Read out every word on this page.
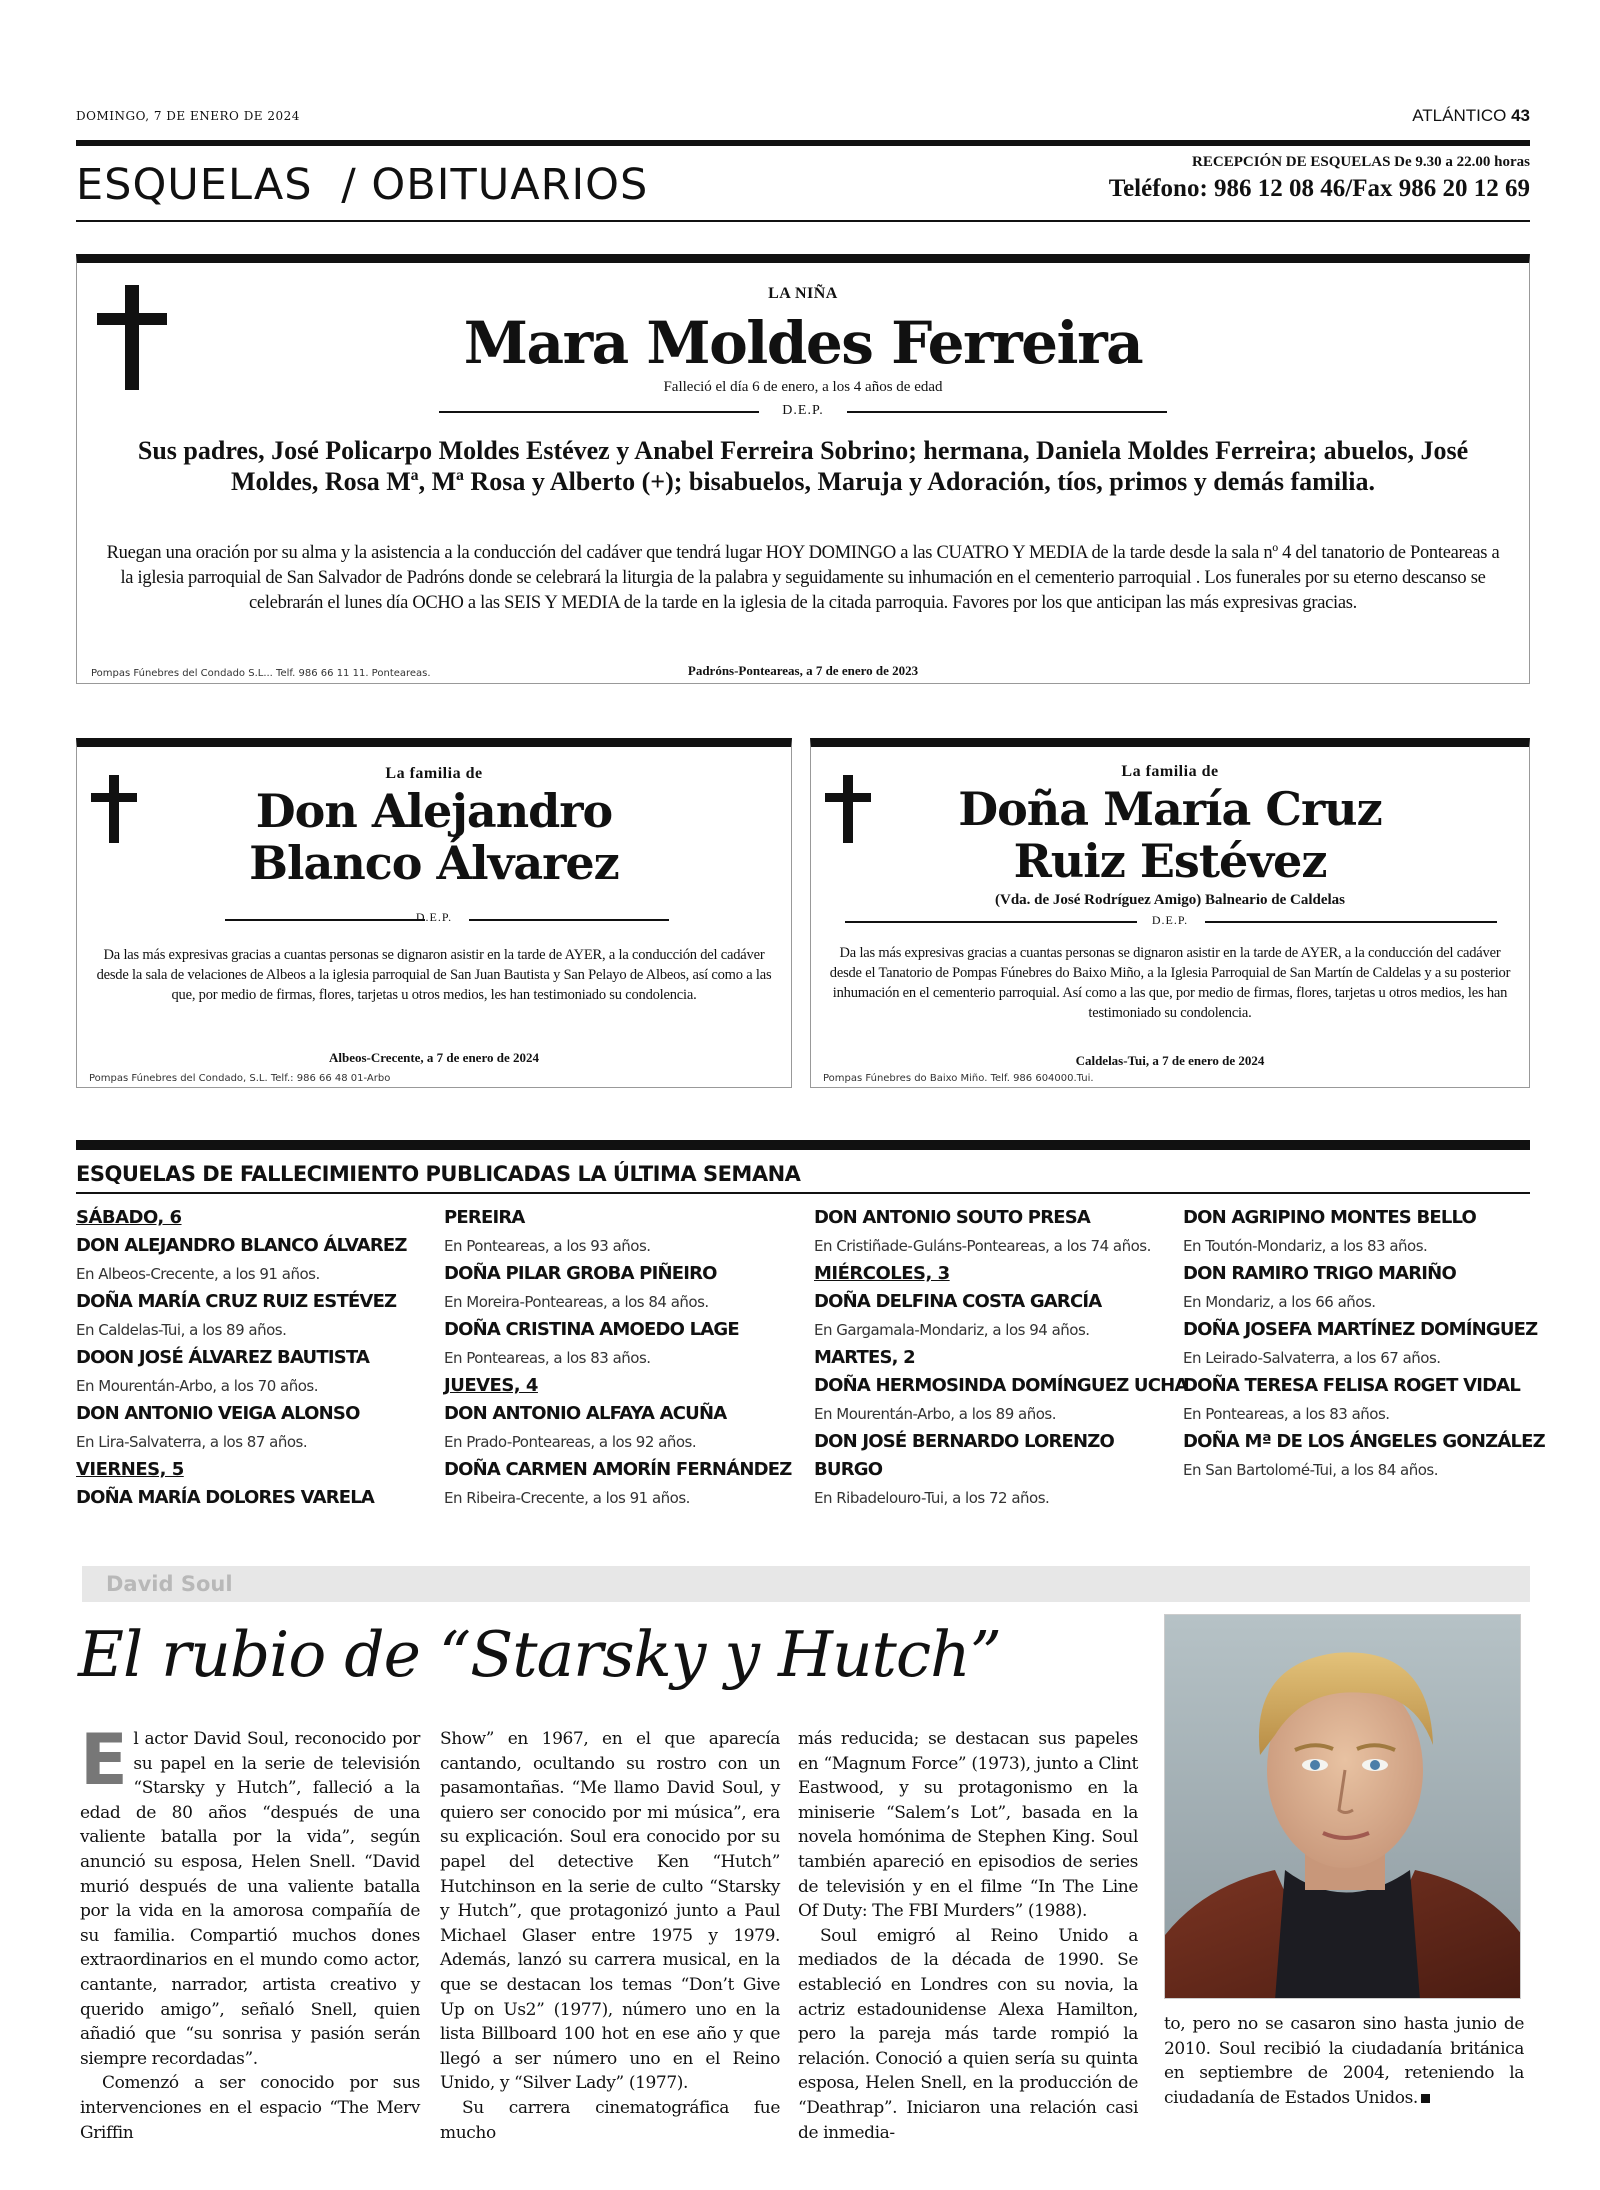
DOMINGO, 7 DE ENERO DE 2024	ATLÁNTICO 43
ESQUELAS / OBITUARIOS	RECEPCIÓN DE ESQUELAS De 9.30 a 22.00 horas
Teléfono: 986 12 08 46/Fax 986 20 12 69
LA NIÑA
Mara Moldes Ferreira
Falleció el día 6 de enero, a los 4 años de edad
D.E.P.
Sus padres, José Policarpo Moldes Estévez y Anabel Ferreira Sobrino; hermana, Daniela Moldes Ferreira; abuelos, José Moldes, Rosa Mª, Mª Rosa y Alberto (+); bisabuelos, Maruja y Adoración, tíos, primos y demás familia.
Ruegan una oración por su alma y la asistencia a la conducción del cadáver que tendrá lugar HOY DOMINGO a las CUATRO Y MEDIA de la tarde desde la sala nº 4 del tanatorio de Ponteareas a la iglesia parroquial de San Salvador de Padróns donde se celebrará la liturgia de la palabra y seguidamente su inhumación en el cementerio parroquial . Los funerales por su eterno descanso se celebrarán el lunes día OCHO a las SEIS Y MEDIA de la tarde en la iglesia de la citada parroquia. Favores por los que anticipan las más expresivas gracias.
Pompas Fúnebres del Condado S.L... Telf. 986 66 11 11. Ponteareas.	Padróns-Ponteareas, a 7 de enero de 2023
La familia de
Don Alejandro
Blanco Álvarez
D.E.P.
Da las más expresivas gracias a cuantas personas se dignaron asistir en la tarde de AYER, a la conducción del cadáver desde la sala de velaciones de Albeos a la iglesia parroquial de San Juan Bautista y San Pelayo de Albeos, así como a las que, por medio de firmas, flores, tarjetas u otros medios, les han testimoniado su condolencia.
Albeos-Crecente, a 7 de enero de 2024
Pompas Fúnebres del Condado, S.L. Telf.: 986 66 48 01-Arbo
La familia de
Doña María Cruz
Ruiz Estévez
(Vda. de José Rodríguez Amigo) Balneario de Caldelas
D.E.P.
Da las más expresivas gracias a cuantas personas se dignaron asistir en la tarde de AYER, a la conducción del cadáver desde el Tanatorio de Pompas Fúnebres do Baixo Miño, a la Iglesia Parroquial de San Martín de Caldelas y a su posterior inhumación en el cementerio parroquial. Así como a las que, por medio de firmas, flores, tarjetas u otros medios, les han testimoniado su condolencia.
Caldelas-Tui, a 7 de enero de 2024
Pompas Fúnebres do Baixo Miño. Telf. 986 604000.Tui.
ESQUELAS DE FALLECIMIENTO PUBLICADAS LA ÚLTIMA SEMANA
SÁBADO, 6
DON ALEJANDRO BLANCO ÁLVAREZ
En Albeos-Crecente, a los 91 años.
DOÑA MARÍA CRUZ RUIZ ESTÉVEZ
En Caldelas-Tui, a los 89 años.
DOON JOSÉ ÁLVAREZ BAUTISTA
En Mourentán-Arbo, a los 70 años.
DON ANTONIO VEIGA ALONSO
En Lira-Salvaterra, a los 87 años.
VIERNES, 5
DOÑA MARÍA DOLORES VARELA
PEREIRA
En Ponteareas, a los 93 años.
DOÑA PILAR GROBA PIÑEIRO
En Moreira-Ponteareas, a los 84 años.
DOÑA CRISTINA AMOEDO LAGE
En Ponteareas, a los 83 años.
JUEVES, 4
DON ANTONIO ALFAYA ACUÑA
En Prado-Ponteareas, a los 92 años.
DOÑA CARMEN AMORÍN FERNÁNDEZ
En Ribeira-Crecente, a los 91 años.
DON ANTONIO SOUTO PRESA
En Cristiñade-Guláns-Ponteareas, a los 74 años.
MIÉRCOLES, 3
DOÑA DELFINA COSTA GARCÍA
En Gargamala-Mondariz, a los 94 años.
MARTES, 2
DOÑA HERMOSINDA DOMÍNGUEZ UCHA
En Mourentán-Arbo, a los 89 años.
DON JOSÉ BERNARDO LORENZO
BURGO
En Ribadelouro-Tui, a los 72 años.
DON AGRIPINO MONTES BELLO
En Toutón-Mondariz, a los 83 años.
DON RAMIRO TRIGO MARIÑO
En Mondariz, a los 66 años.
DOÑA JOSEFA MARTÍNEZ DOMÍNGUEZ
En Leirado-Salvaterra, a los 67 años.
DOÑA TERESA FELISA ROGET VIDAL
En Ponteareas, a los 83 años.
DOÑA Mª DE LOS ÁNGELES GONZÁLEZ
En San Bartolomé-Tui, a los 84 años.
David Soul
El rubio de “Starsky y Hutch”
E l actor David Soul, reconocido por su papel en la serie de televisión “Starsky y Hutch”, falleció a la edad de 80 años “después de una valiente batalla por la vida”, según anunció su esposa, Helen Snell. “David murió después de una valiente batalla por la vida en la amorosa compañía de su familia. Compartió muchos dones extraordinarios en el mundo como actor, cantante, narrador, artista creativo y querido amigo”, señaló Snell, quien añadió que “su sonrisa y pasión serán siempre recordadas”.

Comenzó a ser conocido por sus intervenciones en el espacio “The Merv Griffin

Show” en 1967, en el que aparecía cantando, ocultando su rostro con un pasamontañas. “Me llamo David Soul, y quiero ser conocido por mi música”, era su explicación. Soul era conocido por su papel del detective Ken “Hutch” Hutchinson en la serie de culto “Starsky y Hutch”, que protagonizó junto a Paul Michael Glaser entre 1975 y 1979. Además, lanzó su carrera musical, en la que se destacan los temas “Don’t Give Up on Us2” (1977), número uno en la lista Billboard 100 hot en ese año y que llegó a ser número uno en el Reino Unido, y “Silver Lady” (1977).

Su carrera cinematográfica fue mucho

más reducida; se destacan sus papeles en “Magnum Force” (1973), junto a Clint Eastwood, y su protagonismo en la miniserie “Salem’s Lot”, basada en la novela homónima de Stephen King. Soul también apareció en episodios de series de televisión y en el filme “In The Line Of Duty: The FBI Murders” (1988).

Soul emigró al Reino Unido a mediados de la década de 1990. Se estableció en Londres con su novia, la actriz estadounidense Alexa Hamilton, pero la pareja más tarde rompió la relación. Conoció a quien sería su quinta esposa, Helen Snell, en la producción de “Deathrap”. Iniciaron una relación casi de inmedia-

to, pero no se casaron sino hasta junio de 2010. Soul recibió la ciudadanía británica en septiembre de 2004, reteniendo la ciudadanía de Estados Unidos.
